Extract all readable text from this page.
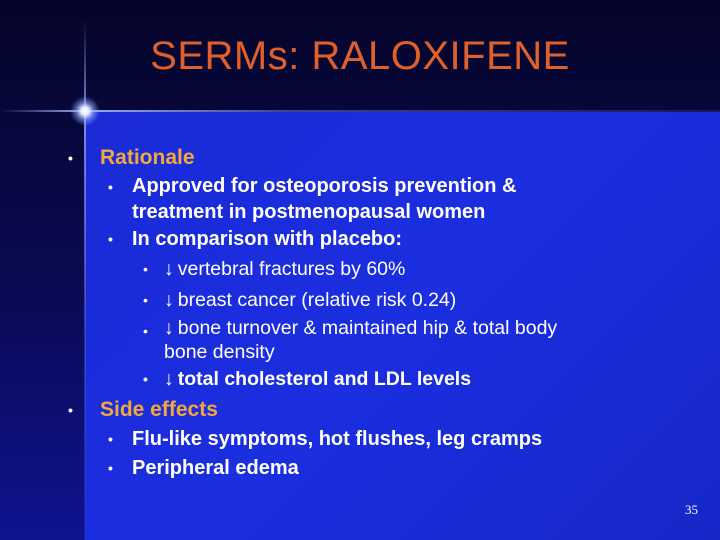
SERMs: RALOXIFENE
• Rationale
• Approved for osteoporosis prevention &
treatment in postmenopausal women
• In comparison with placebo:
• ↓ vertebral fractures by 60%
• ↓ breast cancer (relative risk 0.24)
• ↓ bone turnover & maintained hip & total body
bone density
• ↓ total cholesterol and LDL levels
• Side effects
• Flu-like symptoms, hot flushes, leg cramps
• Peripheral edema
35
